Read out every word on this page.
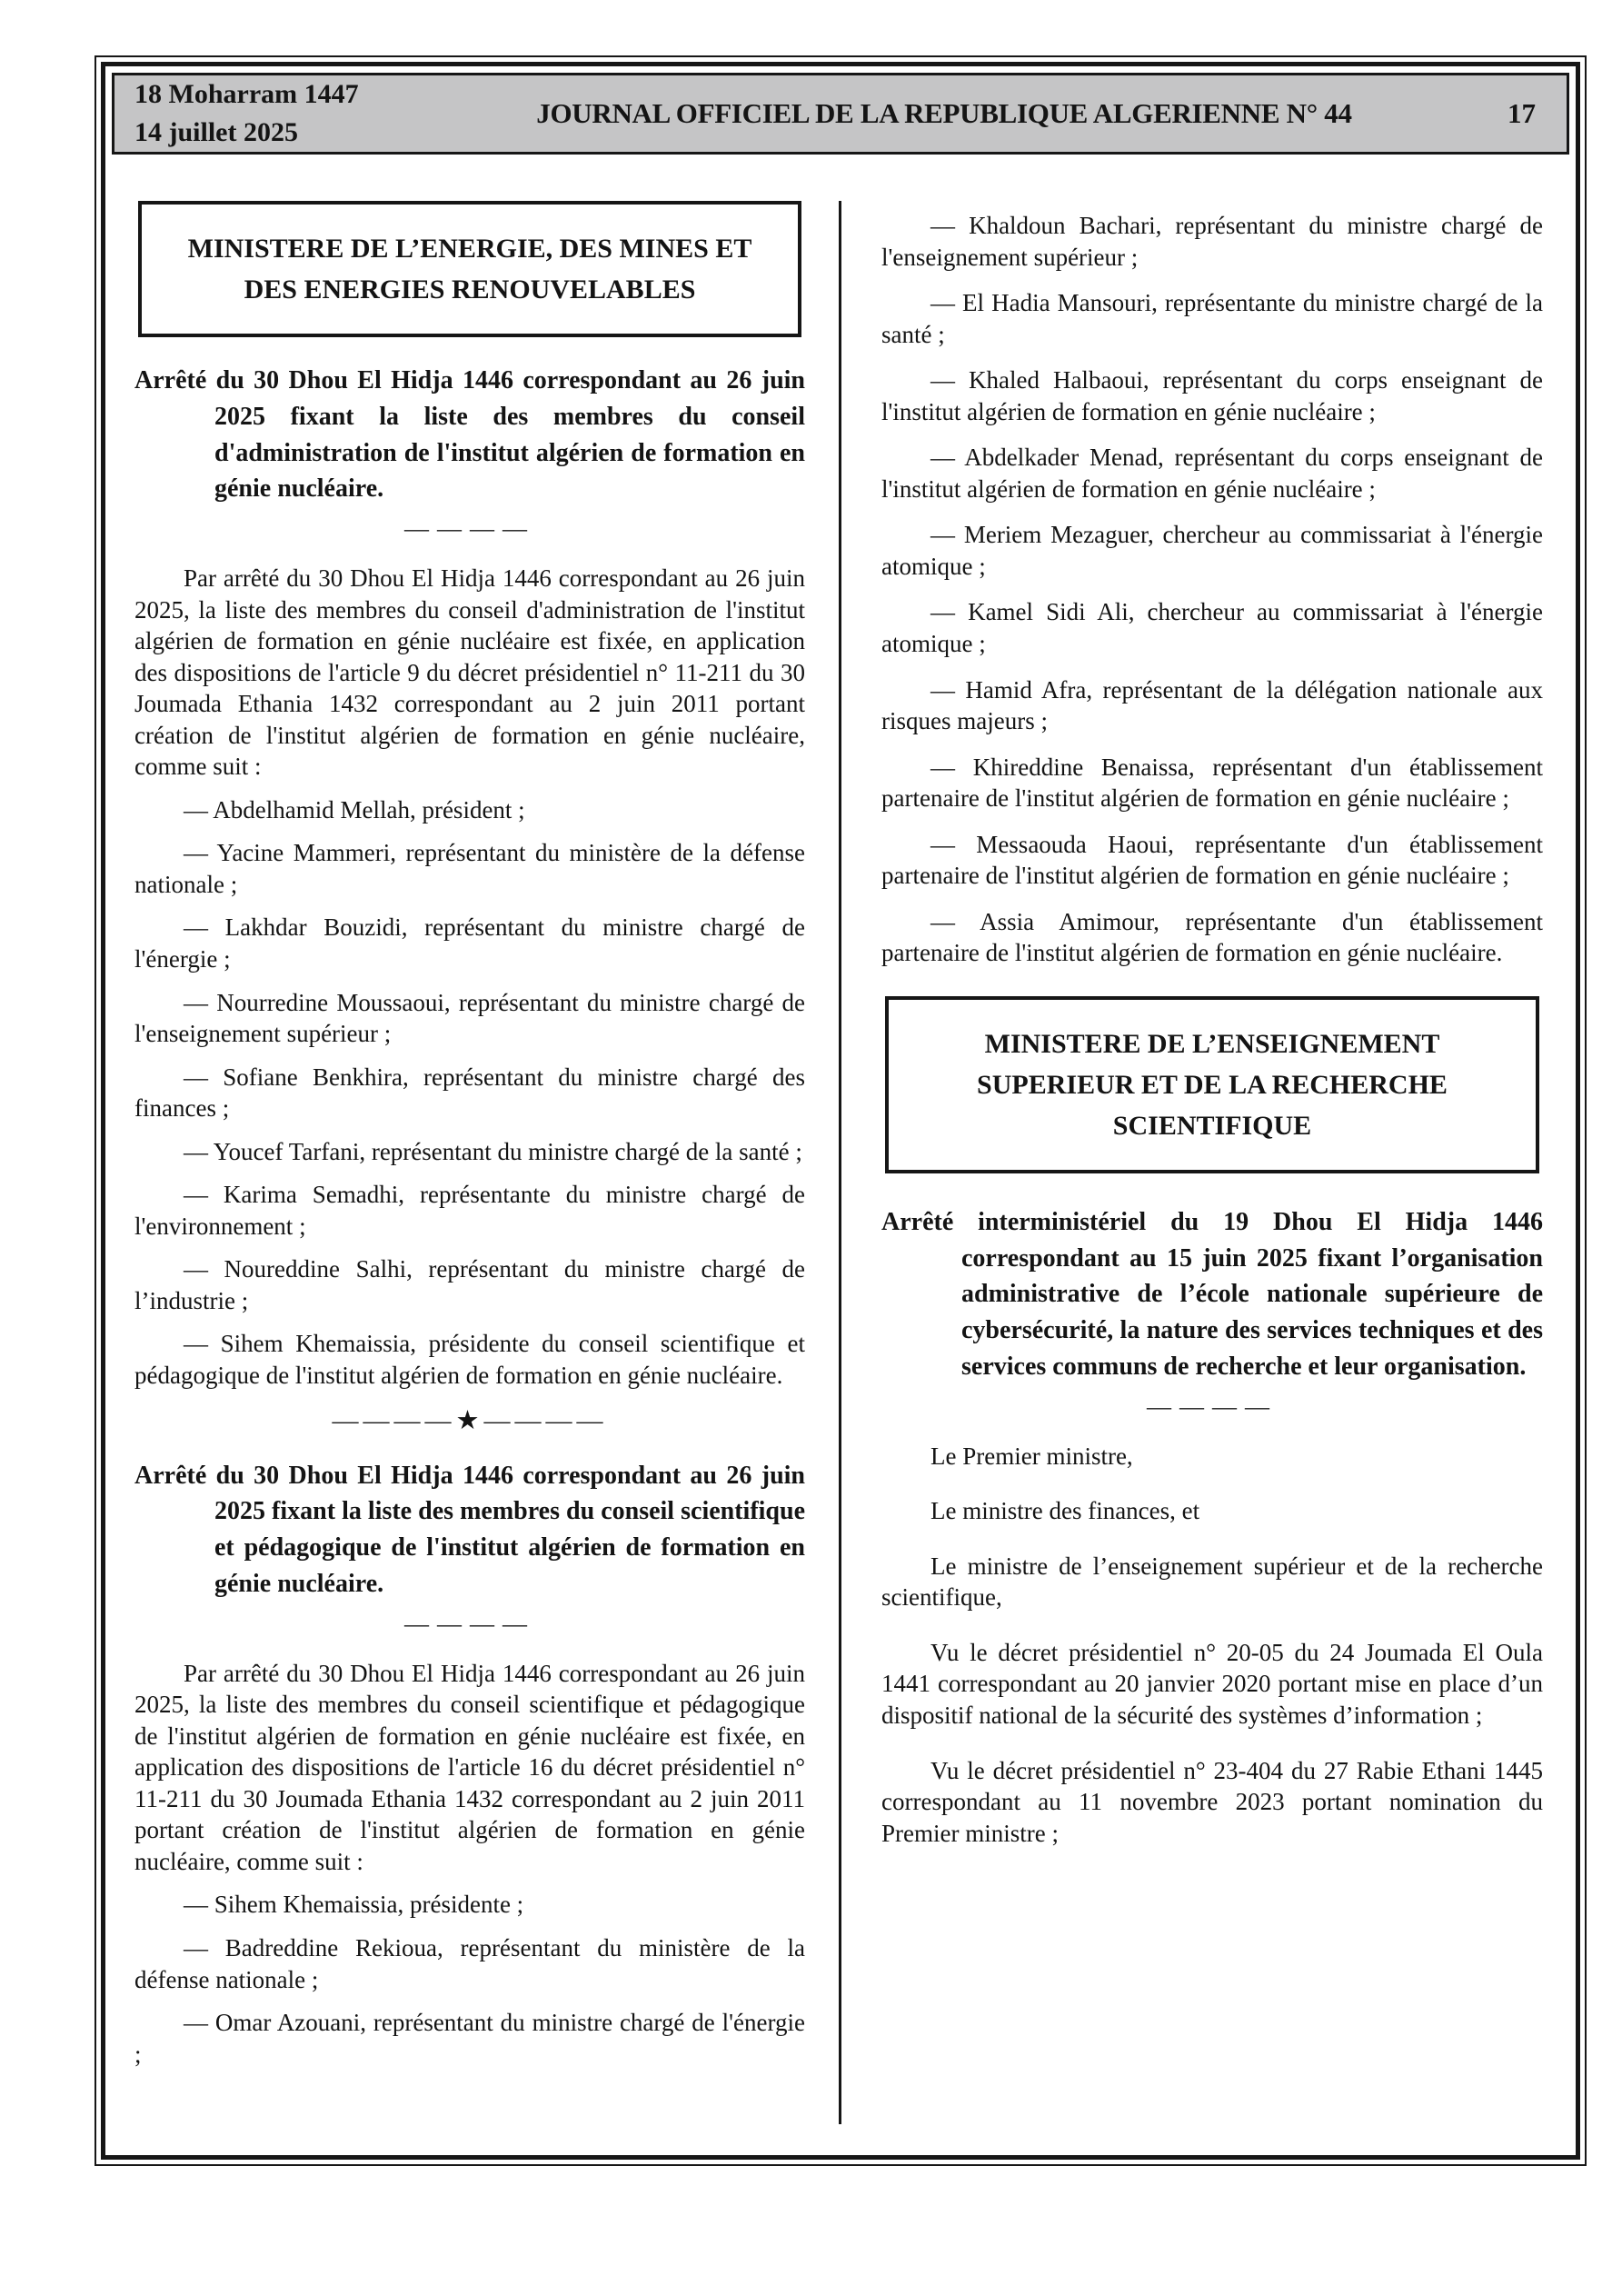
18 Moharram 1447
14 juillet 2025
JOURNAL OFFICIEL DE LA REPUBLIQUE ALGERIENNE N° 44	17
MINISTERE DE L’ENERGIE, DES MINES ET DES ENERGIES RENOUVELABLES

Arrêté du 30 Dhou El Hidja 1446 correspondant au 26 juin 2025 fixant la liste des membres du conseil d'administration de l'institut algérien de formation en génie nucléaire.

————

Par arrêté du 30 Dhou El Hidja 1446 correspondant au 26 juin 2025, la liste des membres du conseil d'administration de l'institut algérien de formation en génie nucléaire est fixée, en application des dispositions de l'article 9 du décret présidentiel n° 11-211 du 30 Joumada Ethania 1432 correspondant au 2 juin 2011 portant création de l'institut algérien de formation en génie nucléaire, comme suit :

— Abdelhamid Mellah, président ;

— Yacine Mammeri, représentant du ministère de la défense nationale ;

— Lakhdar Bouzidi, représentant du ministre chargé de l'énergie ;

— Nourredine Moussaoui, représentant du ministre chargé de l'enseignement supérieur ;

— Sofiane Benkhira, représentant du ministre chargé des finances ;

— Youcef Tarfani, représentant du ministre chargé de la santé ;

— Karima Semadhi, représentante du ministre chargé de l'environnement ;

— Noureddine Salhi, représentant du ministre chargé de l’industrie ;

— Sihem Khemaissia, présidente du conseil scientifique et pédagogique de l'institut algérien de formation en génie nucléaire.

————★————

Arrêté du 30 Dhou El Hidja 1446 correspondant au 26 juin 2025 fixant la liste des membres du conseil scientifique et pédagogique de l'institut algérien de formation en génie nucléaire.

————

Par arrêté du 30 Dhou El Hidja 1446 correspondant au 26 juin 2025, la liste des membres du conseil scientifique et pédagogique de l'institut algérien de formation en génie nucléaire est fixée, en application des dispositions de l'article 16 du décret présidentiel n° 11-211 du 30 Joumada Ethania 1432 correspondant au 2 juin 2011 portant création de l'institut algérien de formation en génie nucléaire, comme suit :

— Sihem Khemaissia, présidente ;

— Badreddine Rekioua, représentant du ministère de la défense nationale ;

— Omar Azouani, représentant du ministre chargé de l'énergie ;

— Khaldoun Bachari, représentant du ministre chargé de l'enseignement supérieur ;

— El Hadia Mansouri, représentante du ministre chargé de la santé ;

— Khaled Halbaoui, représentant du corps enseignant de l'institut algérien de formation en génie nucléaire ;

— Abdelkader Menad, représentant du corps enseignant de l'institut algérien de formation en génie nucléaire ;

— Meriem Mezaguer, chercheur au commissariat à l'énergie atomique ;

— Kamel Sidi Ali, chercheur au commissariat à l'énergie atomique ;

— Hamid Afra, représentant de la délégation nationale aux risques majeurs ;

— Khireddine Benaissa, représentant d'un établissement partenaire de l'institut algérien de formation en génie nucléaire ;

— Messaouda Haoui, représentante d'un établissement partenaire de l'institut algérien de formation en génie nucléaire ;

— Assia Amimour, représentante d'un établissement partenaire de l'institut algérien de formation en génie nucléaire.

MINISTERE DE L’ENSEIGNEMENT SUPERIEUR ET DE LA RECHERCHE SCIENTIFIQUE

Arrêté interministériel du 19 Dhou El Hidja 1446 correspondant au 15 juin 2025 fixant l’organisation administrative de l’école nationale supérieure de cybersécurité, la nature des services techniques et des services communs de recherche et leur organisation.

————

Le Premier ministre,

Le ministre des finances, et

Le ministre de l’enseignement supérieur et de la recherche scientifique,

Vu le décret présidentiel n° 20-05 du 24 Joumada El Oula 1441 correspondant au 20 janvier 2020 portant mise en place d’un dispositif national de la sécurité des systèmes d’information ;

Vu le décret présidentiel n° 23-404 du 27 Rabie Ethani 1445 correspondant au 11 novembre 2023 portant nomination du Premier ministre ;
